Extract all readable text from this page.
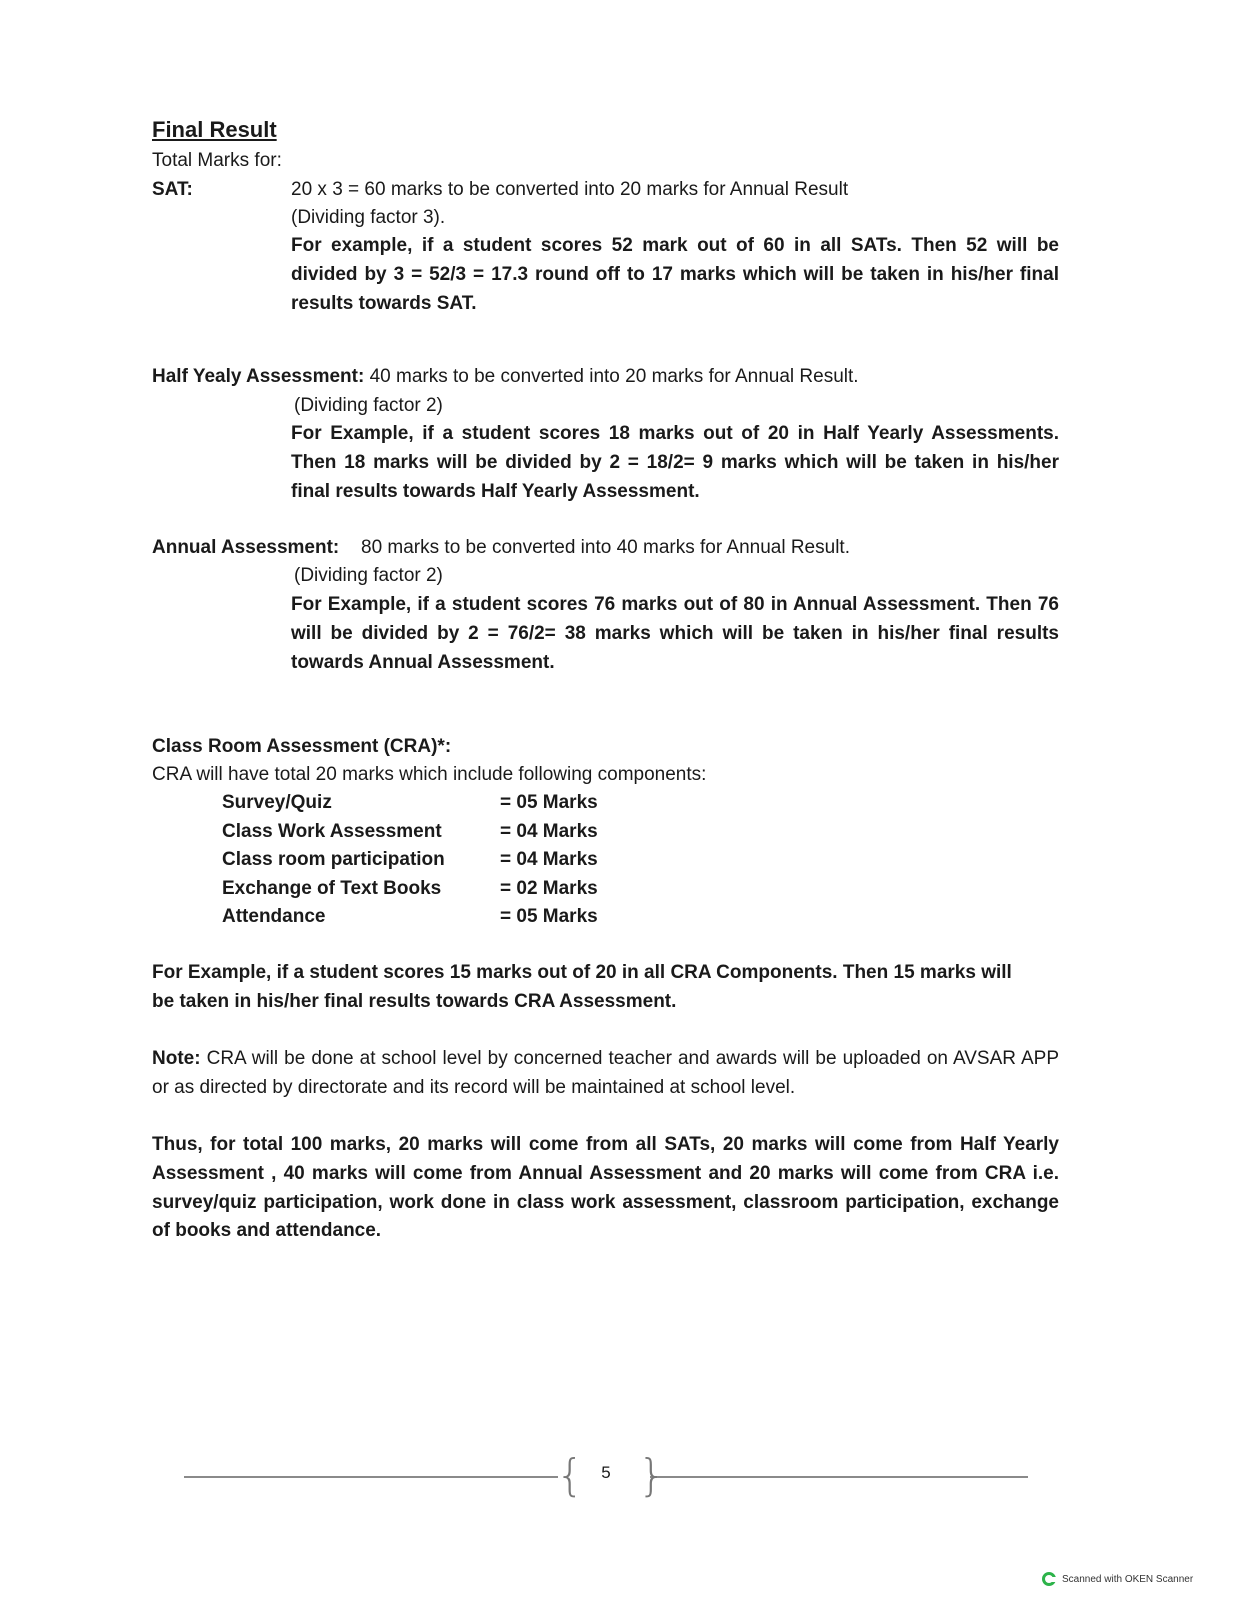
Final Result
Total Marks for:
SAT:	20 x 3 = 60 marks to be converted into 20 marks for Annual Result
(Dividing factor 3).
For example, if a student scores 52 mark out of 60 in all SATs. Then 52 will be divided by 3 = 52/3 = 17.3 round off to 17 marks which will be taken in his/her final results towards SAT.
Half Yealy Assessment: 40 marks to be converted into 20 marks for Annual Result.
(Dividing factor 2)
For Example, if a student scores 18 marks out of 20 in Half Yearly Assessments. Then 18 marks will be divided by 2 = 18/2= 9 marks which will be taken in his/her final results towards Half Yearly Assessment.
Annual Assessment: 80 marks to be converted into 40 marks for Annual Result.
(Dividing factor 2)
For Example, if a student scores 76 marks out of 80 in Annual Assessment. Then 76 will be divided by 2 = 76/2= 38 marks which will be taken in his/her final results towards Annual Assessment.
Class Room Assessment (CRA)*:
CRA will have total 20 marks which include following components:
Survey/Quiz	= 05 Marks
Class Work Assessment	= 04 Marks
Class room participation	= 04 Marks
Exchange of Text Books	= 02 Marks
Attendance	= 05 Marks
For Example, if a student scores 15 marks out of 20 in all CRA Components. Then 15 marks will be taken in his/her final results towards CRA Assessment.
Note: CRA will be done at school level by concerned teacher and awards will be uploaded on AVSAR APP or as directed by directorate and its record will be maintained at school level.
Thus, for total 100 marks, 20 marks will come from all SATs, 20 marks will come from Half Yearly Assessment , 40 marks will come from Annual Assessment and 20 marks will come from CRA i.e. survey/quiz participation, work done in class work assessment, classroom participation, exchange of books and attendance.
{ }
5
Scanned with OKEN Scanner
